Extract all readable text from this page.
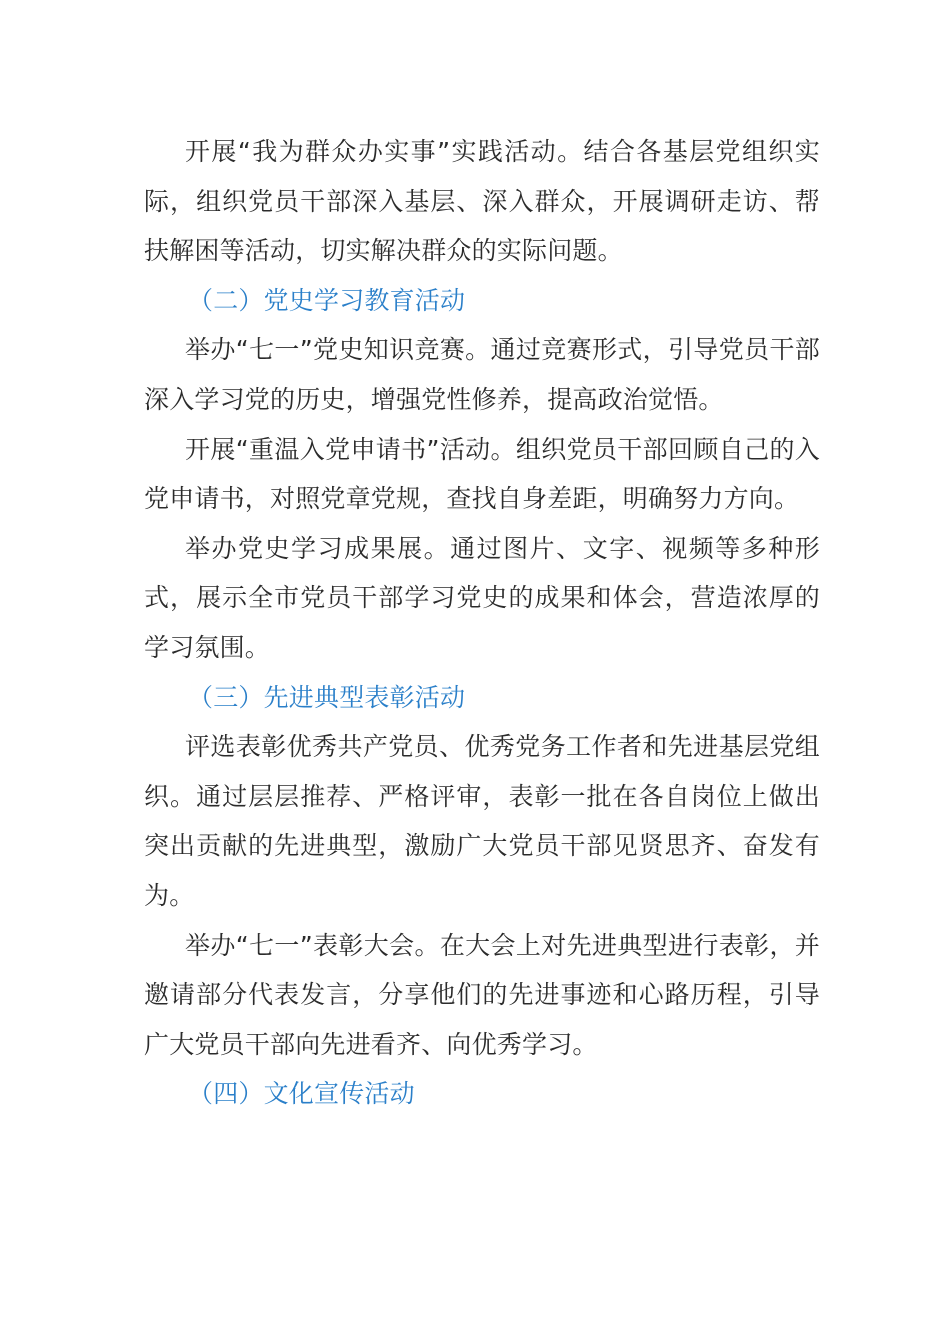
开展“我为群众办实事”实践活动。结合各基层党组织实际，组织党员干部深入基层、深入群众，开展调研走访、帮扶解困等活动，切实解决群众的实际问题。

（二）党史学习教育活动

举办“七一”党史知识竞赛。通过竞赛形式，引导党员干部深入学习党的历史，增强党性修养，提高政治觉悟。

开展“重温入党申请书”活动。组织党员干部回顾自己的入党申请书，对照党章党规，查找自身差距，明确努力方向。

举办党史学习成果展。通过图片、文字、视频等多种形式，展示全市党员干部学习党史的成果和体会，营造浓厚的学习氛围。

（三）先进典型表彰活动

评选表彰优秀共产党员、优秀党务工作者和先进基层党组织。通过层层推荐、严格评审，表彰一批在各自岗位上做出突出贡献的先进典型，激励广大党员干部见贤思齐、奋发有为。

举办“七一”表彰大会。在大会上对先进典型进行表彰，并邀请部分代表发言，分享他们的先进事迹和心路历程，引导广大党员干部向先进看齐、向优秀学习。

（四）文化宣传活动
